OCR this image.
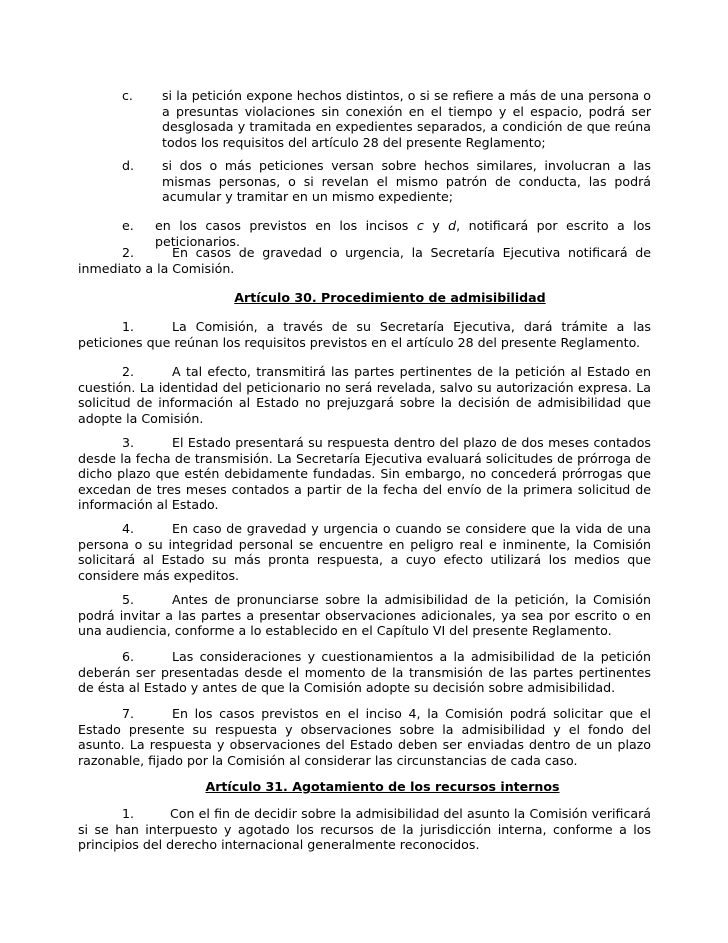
c. si la petición expone hechos distintos, o si se refiere a más de una persona o a presuntas violaciones sin conexión en el tiempo y el espacio, podrá ser desglosada y tramitada en expedientes separados, a condición de que reúna todos los requisitos del artículo 28 del presente Reglamento;

d. si dos o más peticiones versan sobre hechos similares, involucran a las mismas personas, o si revelan el mismo patrón de conducta, las podrá acumular y tramitar en un mismo expediente;

e. en los casos previstos en los incisos c y d, notificará por escrito a los peticionarios.

2.	En casos de gravedad o urgencia, la Secretaría Ejecutiva notificará de inmediato a la Comisión.

Artículo 30. Procedimiento de admisibilidad

1.	La Comisión, a través de su Secretaría Ejecutiva, dará trámite a las peticiones que reúnan los requisitos previstos en el artículo 28 del presente Reglamento.

2.	A tal efecto, transmitirá las partes pertinentes de la petición al Estado en cuestión. La identidad del peticionario no será revelada, salvo su autorización expresa. La solicitud de información al Estado no prejuzgará sobre la decisión de admisibilidad que adopte la Comisión.

3.	El Estado presentará su respuesta dentro del plazo de dos meses contados desde la fecha de transmisión. La Secretaría Ejecutiva evaluará solicitudes de prórroga de dicho plazo que estén debidamente fundadas. Sin embargo, no concederá prórrogas que excedan de tres meses contados a partir de la fecha del envío de la primera solicitud de información al Estado.

4.	En caso de gravedad y urgencia o cuando se considere que la vida de una persona o su integridad personal se encuentre en peligro real e inminente, la Comisión solicitará al Estado su más pronta respuesta, a cuyo efecto utilizará los medios que considere más expeditos.

5.	Antes de pronunciarse sobre la admisibilidad de la petición, la Comisión podrá invitar a las partes a presentar observaciones adicionales, ya sea por escrito o en una audiencia, conforme a lo establecido en el Capítulo VI del presente Reglamento.

6.	Las consideraciones y cuestionamientos a la admisibilidad de la petición deberán ser presentadas desde el momento de la transmisión de las partes pertinentes de ésta al Estado y antes de que la Comisión adopte su decisión sobre admisibilidad.

7.	En los casos previstos en el inciso 4, la Comisión podrá solicitar que el Estado presente su respuesta y observaciones sobre la admisibilidad y el fondo del asunto. La respuesta y observaciones del Estado deben ser enviadas dentro de un plazo razonable, fijado por la Comisión al considerar las circunstancias de cada caso.

Artículo 31. Agotamiento de los recursos internos

1.	Con el fin de decidir sobre la admisibilidad del asunto la Comisión verificará si se han interpuesto y agotado los recursos de la jurisdicción interna, conforme a los principios del derecho internacional generalmente reconocidos.
